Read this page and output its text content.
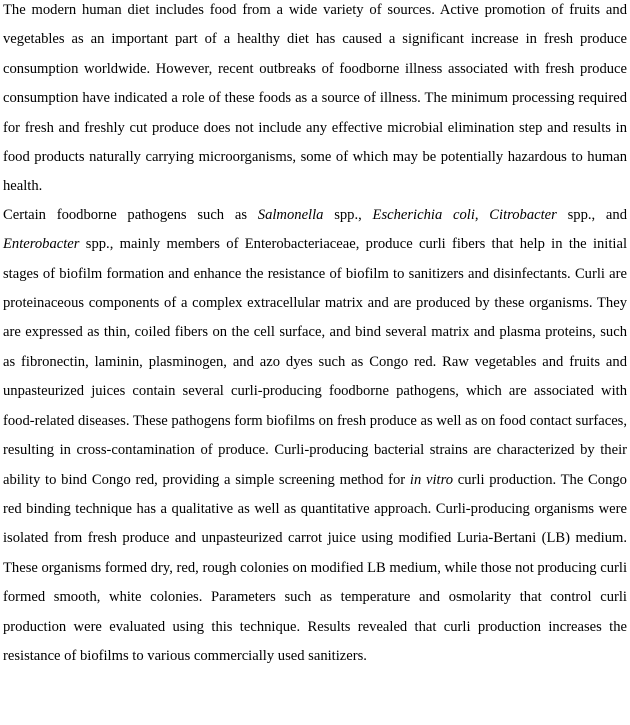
The modern human diet includes food from a wide variety of sources. Active promotion of fruits and vegetables as an important part of a healthy diet has caused a significant increase in fresh produce consumption worldwide. However, recent outbreaks of foodborne illness associated with fresh produce consumption have indicated a role of these foods as a source of illness. The minimum processing required for fresh and freshly cut produce does not include any effective microbial elimination step and results in food products naturally carrying microorganisms, some of which may be potentially hazardous to human health.

Certain foodborne pathogens such as Salmonella spp., Escherichia coli, Citrobacter spp., and Enterobacter spp., mainly members of Enterobacteriaceae, produce curli fibers that help in the initial stages of biofilm formation and enhance the resistance of biofilm to sanitizers and disinfectants. Curli are proteinaceous components of a complex extracellular matrix and are produced by these organisms. They are expressed as thin, coiled fibers on the cell surface, and bind several matrix and plasma proteins, such as fibronectin, laminin, plasminogen, and azo dyes such as Congo red. Raw vegetables and fruits and unpasteurized juices contain several curli-producing foodborne pathogens, which are associated with food-related diseases. These pathogens form biofilms on fresh produce as well as on food contact surfaces, resulting in cross-contamination of produce. Curli-producing bacterial strains are characterized by their ability to bind Congo red, providing a simple screening method for in vitro curli production. The Congo red binding technique has a qualitative as well as quantitative approach. Curli-producing organisms were isolated from fresh produce and unpasteurized carrot juice using modified Luria-Bertani (LB) medium. These organisms formed dry, red, rough colonies on modified LB medium, while those not producing curli formed smooth, white colonies. Parameters such as temperature and osmolarity that control curli production were evaluated using this technique. Results revealed that curli production increases the resistance of biofilms to various commercially used sanitizers.
